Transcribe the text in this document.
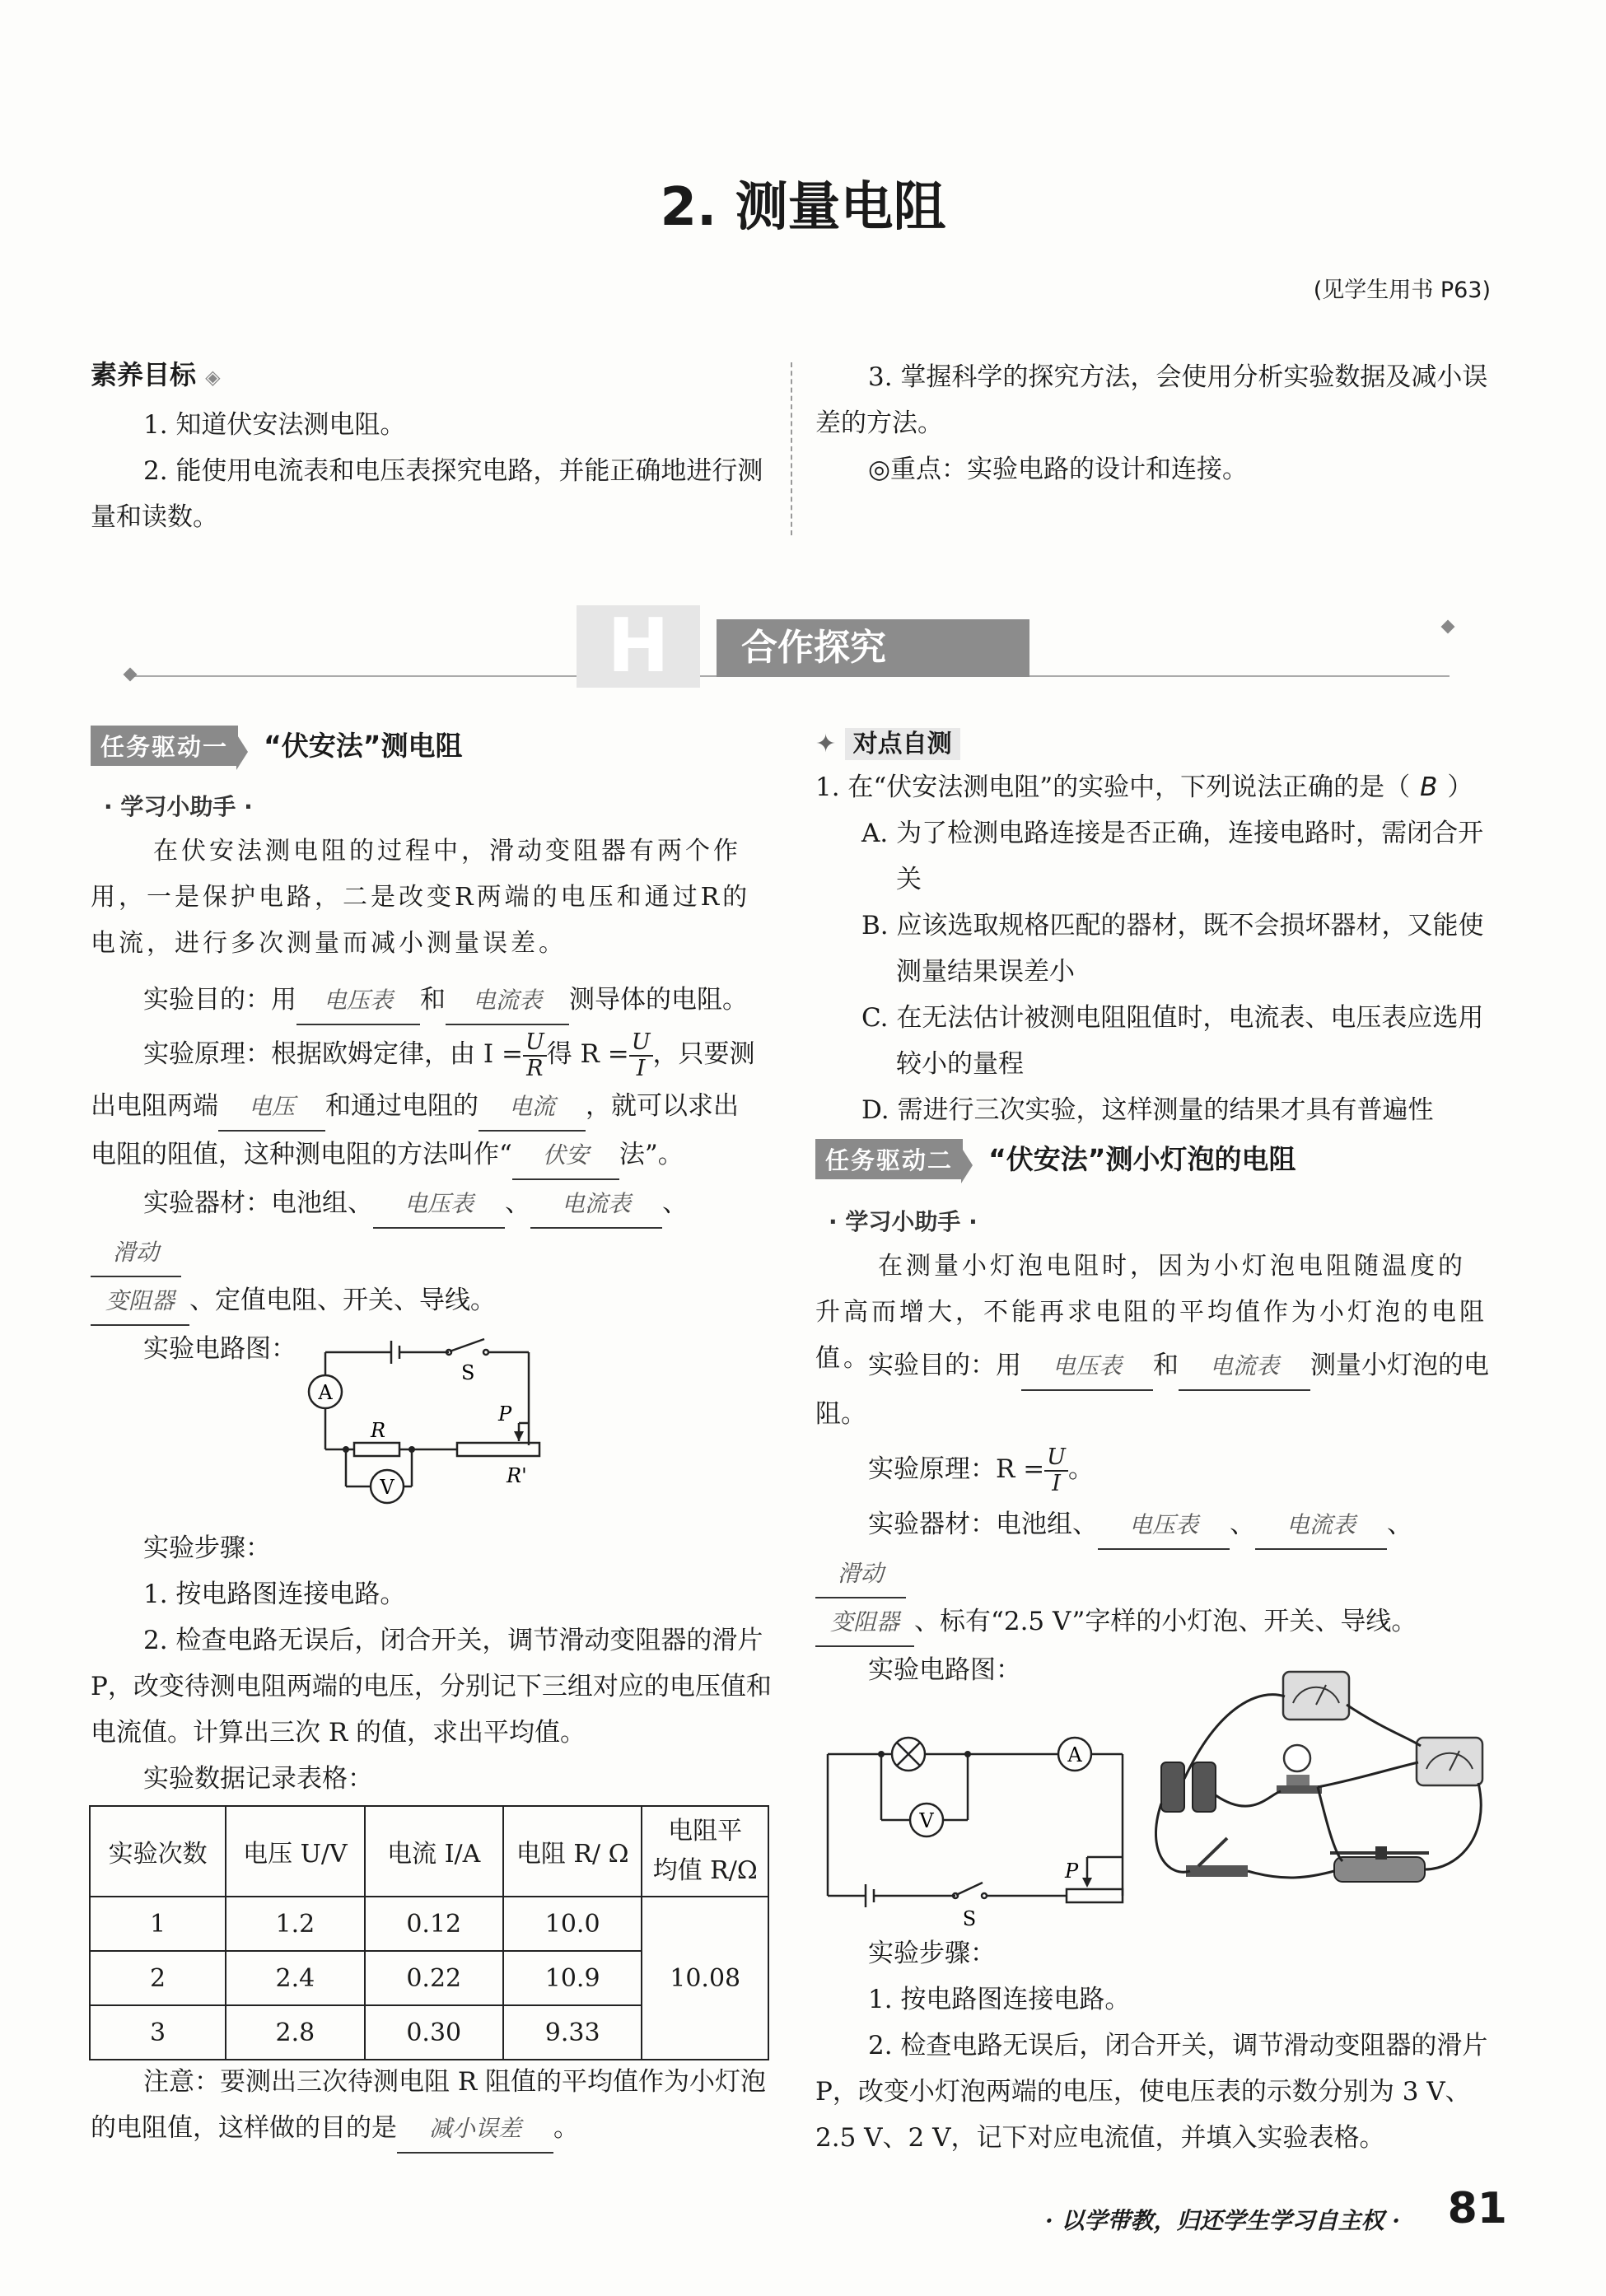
2. 测量电阻
(见学生用书 P63)
素养目标 ◈

1. 知道伏安法测电阻。

2. 能使用电流表和电压表探究电路，并能正确地进行测量和读数。

3. 掌握科学的探究方法，会使用分析实验数据及减小误差的方法。

◎重点：实验电路的设计和连接。

H	合作探究
任务驱动一 “伏安法”测电阻
· 学习小助手 ·

在伏安法测电阻的过程中，滑动变阻器有两个作用，一是保护电路，二是改变R两端的电压和通过R的电流，进行多次测量而减小测量误差。

实验目的：用 电压表 和 电流表 测导体的电阻。

实验原理：根据欧姆定律，由 $I = \frac{U}{R}$ 得 $R = \frac{U}{I}$ ，只要测

出电阻两端 电压 和通过电阻的 电流 ，就可以求出

电阻的阻值，这种测电阻的方法叫作“ 伏安 法”。

实验器材：电池组、 电压表 、 电流表 、滑动
变阻器 、定值电阻、开关、导线。

实验电路图：

A
V
S
R
P
R'

实验步骤：

1. 按电路图连接电路。

2. 检查电路无误后，闭合开关，调节滑动变阻器的滑片 P，改变待测电阻两端的电压，分别记下三组对应的电压值和电流值。计算出三次 R 的值，求出平均值。

实验数据记录表格：

实验次数	电压 U/V	电流 I/A	电阻 R/ Ω	电阻平
均值 R/Ω
1	1.2	0.12	10.0	10.08
2	2.4	0.22	10.9	
3	2.8	0.30	9.33	

注意：要测出三次待测电阻 R 阻值的平均值作为小灯泡的电阻值，这样做的目的是 减小误差 。

✦ 对点自测

1. 在“伏安法测电阻”的实验中，下列说法正确的是（ B ）

A. 为了检测电路连接是否正确，连接电路时，需闭合开关

B. 应该选取规格匹配的器材，既不会损坏器材，又能使测量结果误差小

C. 在无法估计被测电阻阻值时，电流表、电压表应选用较小的量程

D. 需进行三次实验，这样测量的结果才具有普遍性

任务驱动二 “伏安法”测小灯泡的电阻
· 学习小助手 ·

在测量小灯泡电阻时，因为小灯泡电阻随温度的升高而增大，不能再求电阻的平均值作为小灯泡的电阻值。

实验目的：用 电压表 和 电流表 测量小灯泡的电阻。

实验原理：$R = \frac{U}{I}$ 。

实验器材：电池组、 电压表 、 电流表 、滑动
变阻器 、标有“2.5 V”字样的小灯泡、开关、导线。

实验电路图：

A
V
S
P

实验步骤：

1. 按电路图连接电路。

2. 检查电路无误后，闭合开关，调节滑动变阻器的滑片 P，改变小灯泡两端的电压，使电压表的示数分别为 3 V、2.5 V、2 V，记下对应电流值，并填入实验表格。

· 以学带教，归还学生学习自主权 · 81
